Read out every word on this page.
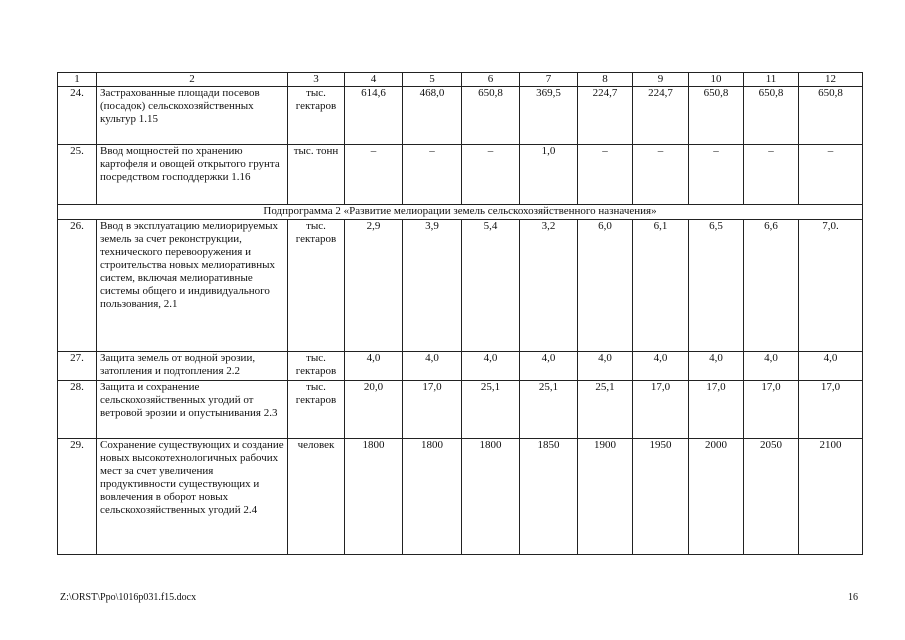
1	2	3	4	5	6	7	8	9	10	11	12
24.	Застрахованные площади посевов (посадок) сельскохозяйственных культур 1.15	тыс. гектаров	614,6	468,0	650,8	369,5	224,7	224,7	650,8	650,8	650,8
25.	Ввод мощностей по хранению картофеля и овощей открытого грунта посредством господдержки 1.16	тыс. тонн	–	–	–	1,0	–	–	–	–	–
Подпрограмма 2 «Развитие мелиорации земель сельскохозяйственного назначения»											
26.	Ввод в эксплуатацию мелиорируемых земель за счет реконструкции, технического перевооружения и строительства новых мелиоративных систем, включая мелиоративные системы общего и индивидуального пользования, 2.1	тыс. гектаров	2,9	3,9	5,4	3,2	6,0	6,1	6,5	6,6	7,0.
27.	Защита земель от водной эрозии, затопления и подтопления 2.2	тыс. гектаров	4,0	4,0	4,0	4,0	4,0	4,0	4,0	4,0	4,0
28.	Защита и сохранение сельскохозяйственных угодий от ветровой эрозии и опустынивания 2.3	тыс. гектаров	20,0	17,0	25,1	25,1	25,1	17,0	17,0	17,0	17,0
29.	Сохранение существующих и создание новых высокотехнологичных рабочих мест за счет увеличения продуктивности существующих и вовлечения в оборот новых сельскохозяйственных угодий 2.4	человек	1800	1800	1800	1850	1900	1950	2000	2050	2100
Z:\ORST\Ppo\1016p031.f15.docx	16
